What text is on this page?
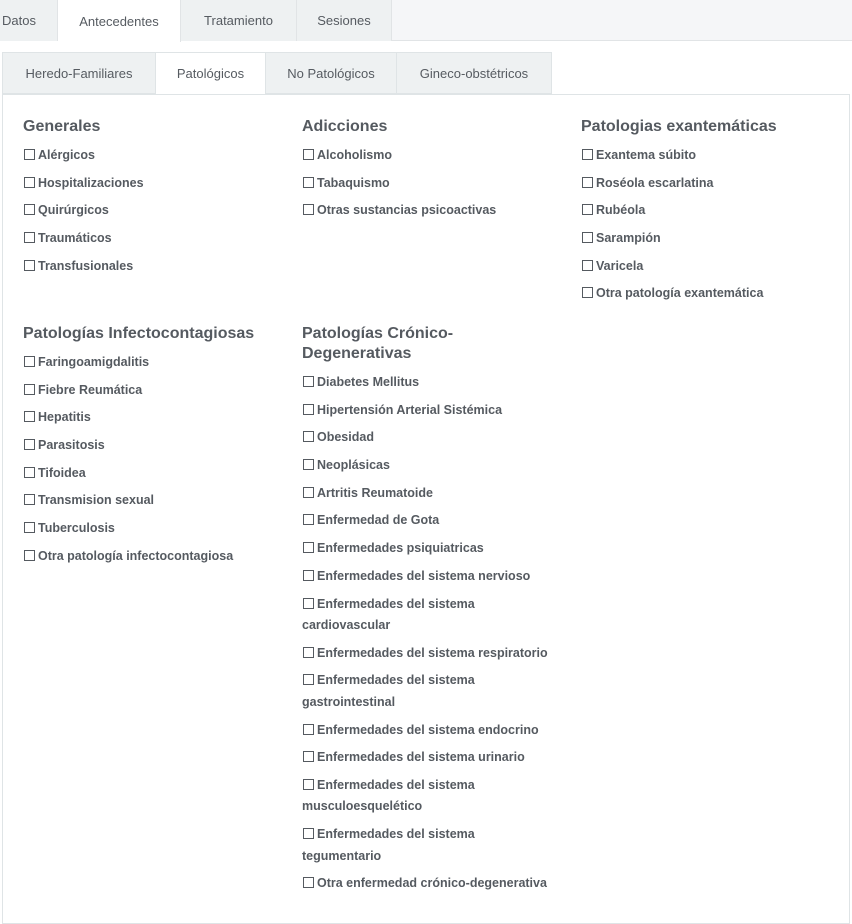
Datos	Antecedentes	Tratamiento	Sesiones
Heredo-Familiares	Patológicos	No Patológicos	Gineco-obstétricos
Generales
Alérgicos
Hospitalizaciones
Quirúrgicos
Traumáticos
Transfusionales
Adicciones
Alcoholismo
Tabaquismo
Otras sustancias psicoactivas
Patologias exantemáticas
Exantema súbito
Roséola escarlatina
Rubéola
Sarampión
Varicela
Otra patología exantemática
Patologías Infectocontagiosas
Faringoamigdalitis
Fiebre Reumática
Hepatitis
Parasitosis
Tifoidea
Transmision sexual
Tuberculosis
Otra patología infectocontagiosa
Patologías Crónico-Degenerativas
Diabetes Mellitus
Hipertensión Arterial Sistémica
Obesidad
Neoplásicas
Artritis Reumatoide
Enfermedad de Gota
Enfermedades psiquiatricas
Enfermedades del sistema nervioso
Enfermedades del sistema cardiovascular
Enfermedades del sistema respiratorio
Enfermedades del sistema gastrointestinal
Enfermedades del sistema endocrino
Enfermedades del sistema urinario
Enfermedades del sistema musculoesquelético
Enfermedades del sistema tegumentario
Otra enfermedad crónico-degenerativa
